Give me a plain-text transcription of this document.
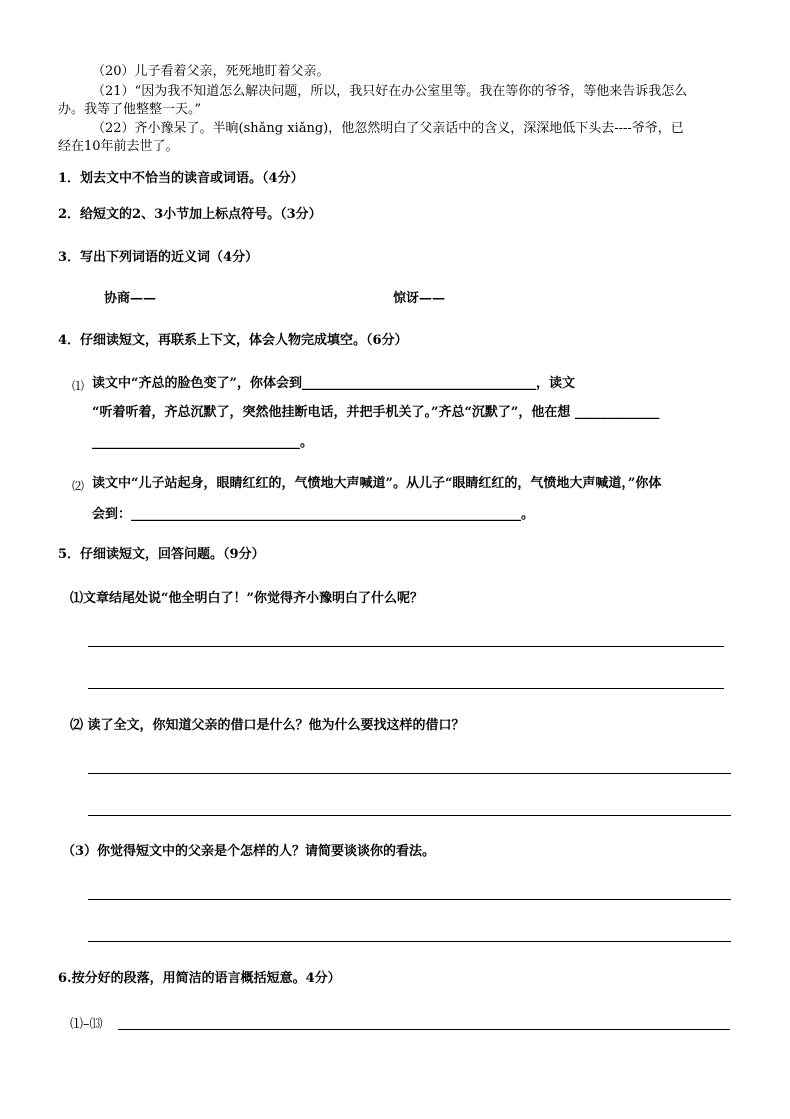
（20）儿子看着父亲，死死地盯着父亲。
（21）“因为我不知道怎么解决问题，所以，我只好在办公室里等。我在等你的爷爷，等他来告诉我怎么
办。我等了他整整一天。”
（22）齐小豫呆了。半晌(shǎng xiǎng)，他忽然明白了父亲话中的含义，深深地低下头去----爷爷，已
经在10年前去世了。
1．划去文中不恰当的读音或词语。（4分）
2．给短文的2、3小节加上标点符号。（3分）
3．写出下列词语的近义词（4分）
协商——	惊讶——
4．仔细读短文，再联系上下文，体会人物完成填空。（6分）
⑴ 读文中“齐总的脸色变了”，你体会到____________________________________，读文
“听着听着，齐总沉默了，突然他挂断电话，并把手机关了。”齐总“沉默了”，他在想 _____________
________________________________。
⑵ 读文中“儿子站起身，眼睛红红的，气愤地大声喊道”。从儿子“眼睛红红的，气愤地大声喊道，”你体
会到：____________________________________________________________。
5．仔细读短文，回答问题。（9分）
⑴文章结尾处说“他全明白了！”你觉得齐小豫明白了什么呢？
⑵ 读了全文，你知道父亲的借口是什么？他为什么要找这样的借口？
（3）你觉得短文中的父亲是个怎样的人？请简要谈谈你的看法。
6.按分好的段落，用简洁的语言概括短意。4分）
⑴–⒀
